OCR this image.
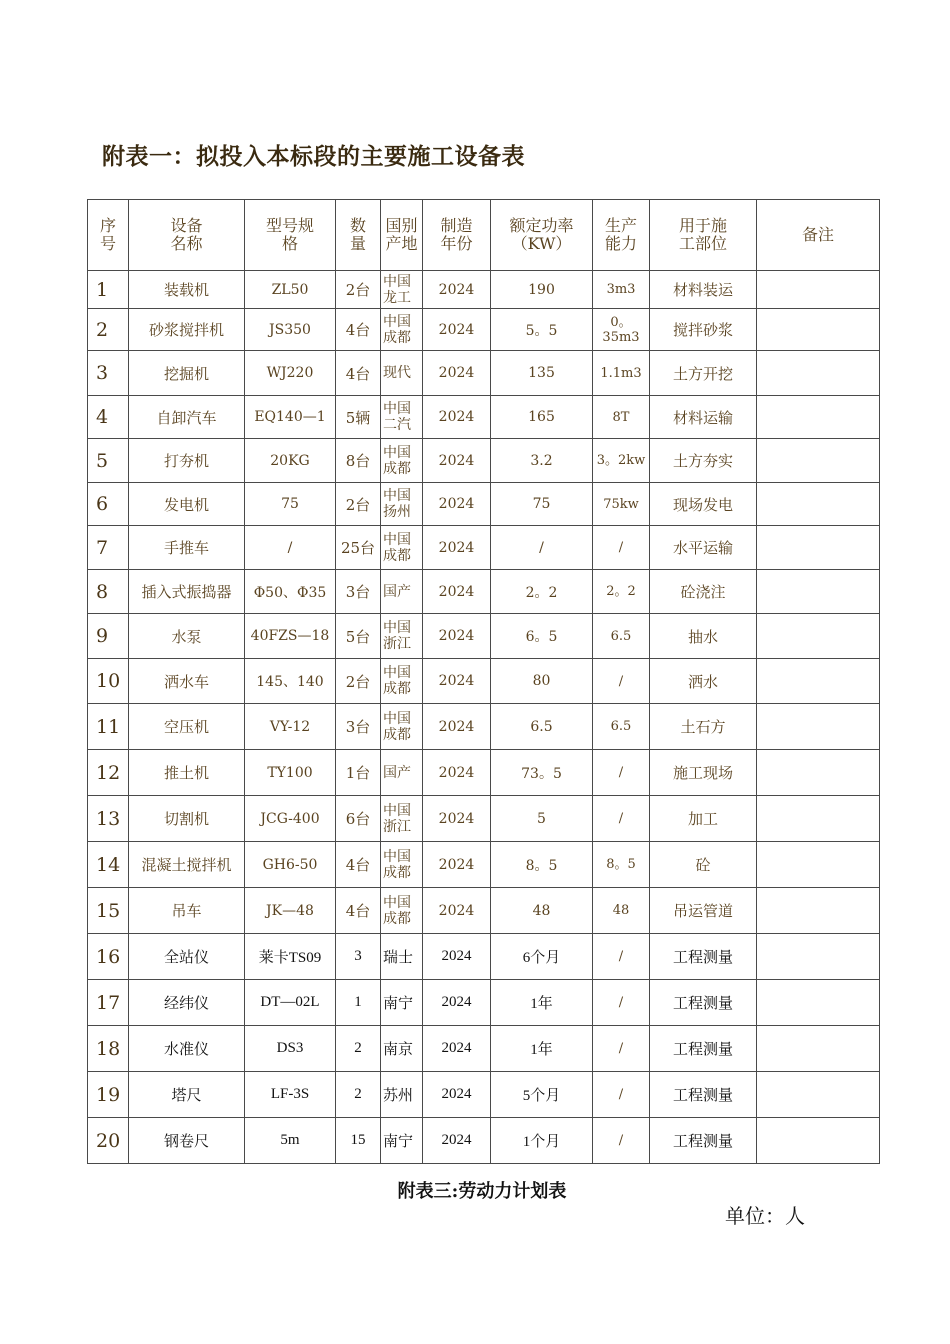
附表一：拟投入本标段的主要施工设备表
序号	设备名称	型号规格	数量	国别产地	制造年份	额定功率（KW）	生产能力	用于施工部位	备注
1	装载机	ZL50	2台	中国龙工	2024	190	3m3	材料装运	
2	砂浆搅拌机	JS350	4台	中国成都	2024	5。5	0。35m3	搅拌砂浆	
3	挖掘机	WJ220	4台	现代	2024	135	1.1m3	土方开挖	
4	自卸汽车	EQ140—1	5辆	中国二汽	2024	165	8T	材料运输	
5	打夯机	20KG	8台	中国成都	2024	3.2	3。2kw	土方夯实	
6	发电机	75	2台	中国扬州	2024	75	75kw	现场发电	
7	手推车	/	25台	中国成都	2024	/	/	水平运输	
8	插入式振捣器	Φ50、Φ35	3台	国产	2024	2。2	2。2	砼浇注	
9	水泵	40FZS—18	5台	中国浙江	2024	6。5	6.5	抽水	
10	洒水车	145、140	2台	中国成都	2024	80	/	洒水	
11	空压机	VY-12	3台	中国成都	2024	6.5	6.5	土石方	
12	推土机	TY100	1台	国产	2024	73。5	/	施工现场	
13	切割机	JCG-400	6台	中国浙江	2024	5	/	加工	
14	混凝土搅拌机	GH6-50	4台	中国成都	2024	8。5	8。5	砼	
15	吊车	JK—48	4台	中国成都	2024	48	48	吊运管道	
16	全站仪	莱卡TS09	3	瑞士	2024	6个月	/	工程测量	
17	经纬仪	DT—02L	1	南宁	2024	1年	/	工程测量	
18	水准仪	DS3	2	南京	2024	1年	/	工程测量	
19	塔尺	LF-3S	2	苏州	2024	5个月	/	工程测量	
20	钢卷尺	5m	15	南宁	2024	1个月	/	工程测量	
附表三:劳动力计划表
单位：人
